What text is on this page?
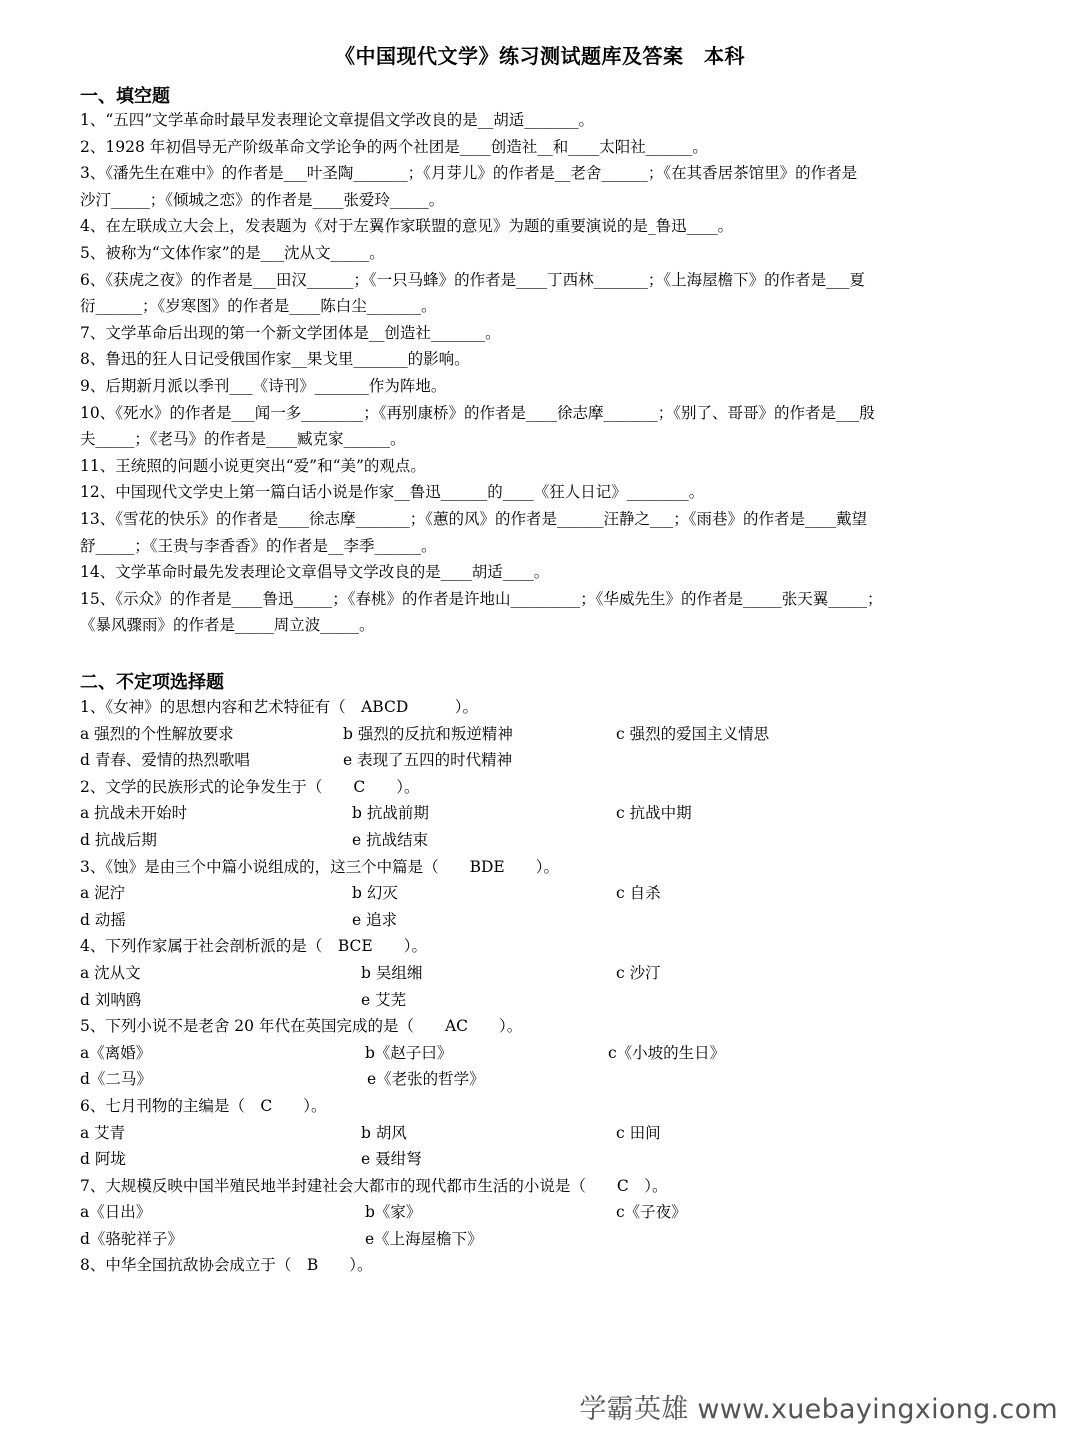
《中国现代文学》练习测试题库及答案　本科
一、填空题
1、“五四”文学革命时最早发表理论文章提倡文学改良的是__胡适_______。
2、1928 年初倡导无产阶级革命文学论争的两个社团是____创造社__和____太阳社______。
3、《潘先生在难中》的作者是___叶圣陶_______；《月芽儿》的作者是__老舍______；《在其香居茶馆里》的作者是
沙汀_____；《倾城之恋》的作者是____张爱玲_____。
4、在左联成立大会上，发表题为《对于左翼作家联盟的意见》为题的重要演说的是_鲁迅____。
5、被称为“文体作家”的是___沈从文_____。
6、《获虎之夜》的作者是___田汉______；《一只马蜂》的作者是____丁西林_______；《上海屋檐下》的作者是___夏
衍______；《岁寒图》的作者是____陈白尘_______。
7、文学革命后出现的第一个新文学团体是__创造社_______。
8、鲁迅的狂人日记受俄国作家__果戈里_______的影响。
9、后期新月派以季刊___《诗刊》_______作为阵地。
10、《死水》的作者是___闻一多________；《再别康桥》的作者是____徐志摩_______；《别了、哥哥》的作者是___殷
夫_____；《老马》的作者是____臧克家______。
11、王统照的问题小说更突出“爱”和“美”的观点。
12、中国现代文学史上第一篇白话小说是作家__鲁迅______的____《狂人日记》________。
13、《雪花的快乐》的作者是____徐志摩_______；《蕙的风》的作者是______汪静之___；《雨巷》的作者是____戴望
舒_____；《王贵与李香香》的作者是__李季______。
14、文学革命时最先发表理论文章倡导文学改良的是____胡适____。
15、《示众》的作者是____鲁迅_____；《春桃》的作者是许地山_________；《华威先生》的作者是_____张天翼_____；
《暴风骤雨》的作者是_____周立波_____。
二、不定项选择题
1、《女神》的思想内容和艺术特征有（　ABCD　　　）。
a 强烈的个性解放要求	b 强烈的反抗和叛逆精神	c 强烈的爱国主义情思
d 青春、爱情的热烈歌唱	e 表现了五四的时代精神
2、文学的民族形式的论争发生于（　　C　　）。
a 抗战未开始时	b 抗战前期	c 抗战中期
d 抗战后期	e 抗战结束
3、《蚀》是由三个中篇小说组成的，这三个中篇是（　　BDE　　）。
a 泥泞	b 幻灭	c 自杀
d 动摇	e 追求
4、下列作家属于社会剖析派的是（　BCE　　）。
a 沈从文	b 吴组缃	c 沙汀
d 刘呐鸥	e 艾芜
5、下列小说不是老舍 20 年代在英国完成的是（　　AC　　）。
a《离婚》	b《赵子曰》	c《小坡的生日》
d《二马》	e《老张的哲学》
6、七月刊物的主编是（　C　　）。
a 艾青	b 胡风	c 田间
d 阿垅	e 聂绀弩
7、大规模反映中国半殖民地半封建社会大都市的现代都市生活的小说是（　　C　）。
a《日出》	b《家》	c《子夜》
d《骆驼祥子》	e《上海屋檐下》
8、中华全国抗敌协会成立于（　B　　）。
学霸英雄 www.xuebayingxiong.com
